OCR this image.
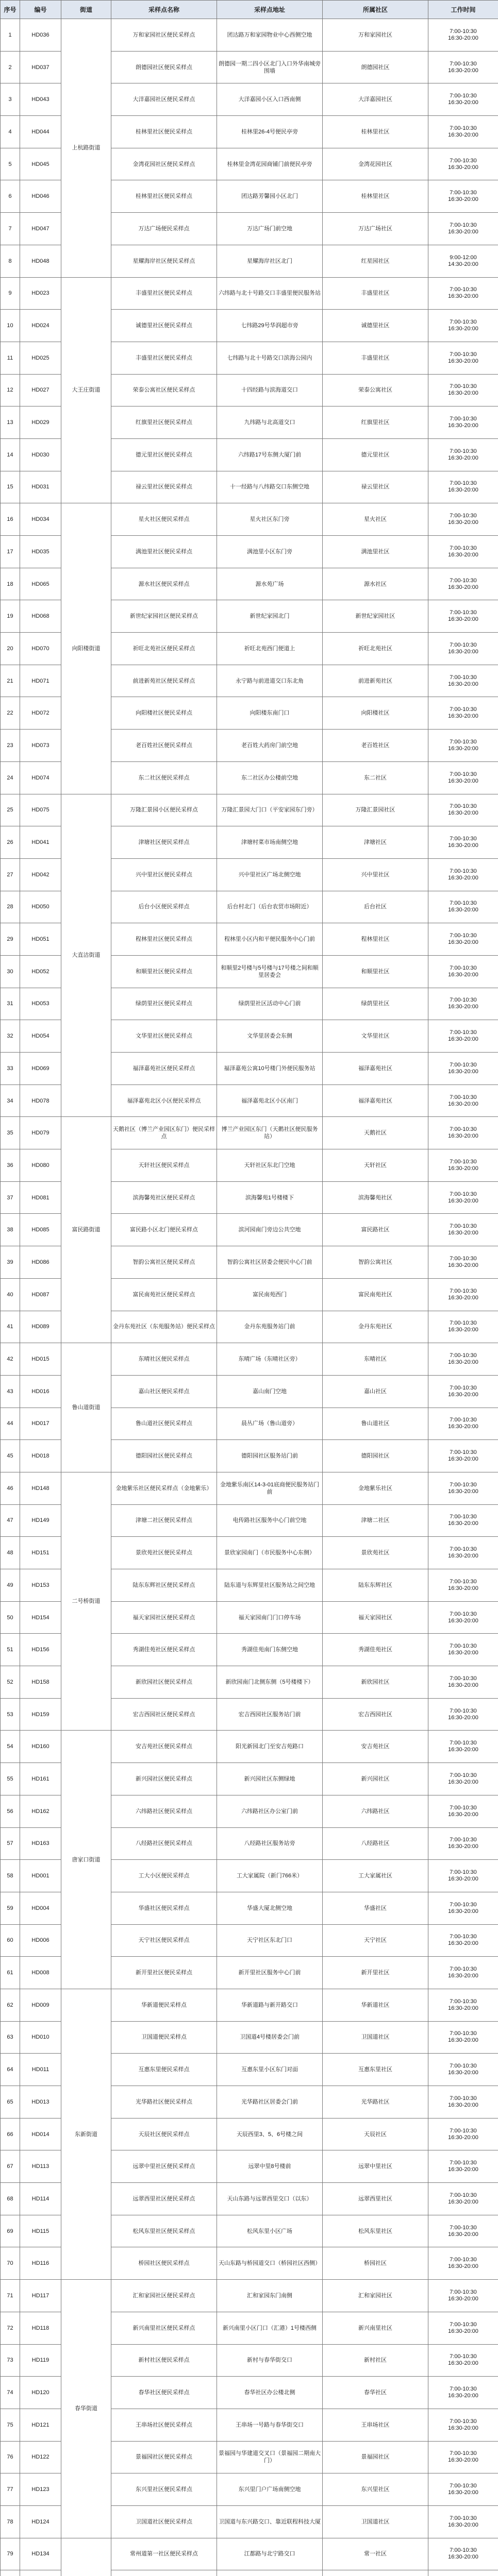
序号	编号	街道	采样点名称	采样点地址	所属社区	工作时间
1	HD036	上杭路街道	万和家园社区便民采样点	团达路万和家园物业中心西侧空地	万和家园社区	7:00-10:30
16:30-20:00
2	HD037		朗德园社区便民采样点	朗德园一期二四小区北门入口外华南城旁围墙	朗德园社区	7:00-10:30
16:30-20:00
3	HD043		大洋嘉园社区便民采样点	大洋嘉园小区入口西南侧	大洋嘉园社区	7:00-10:30
16:30-20:00
4	HD044		桂林里社区便民采样点	桂林里26-4号便民亭旁	桂林里社区	7:00-10:30
16:30-20:00
5	HD045		金湾花园社区便民采样点	桂林里金湾花园商铺门前便民亭旁	金湾花园社区	7:00-10:30
16:30-20:00
6	HD046		桂林里社区便民采样点	团达路芳馨园小区北门	桂林里社区	7:00-10:30
16:30-20:00
7	HD047		万达广场便民采样点	万达广场门前空地	万达广场社区	7:00-10:30
16:30-20:00
8	HD048		星耀海岸社区便民采样点	星耀海岸社区北门	红星园社区	9:00-12:00
14:30-20:00
9	HD023	大王庄街道	丰盛里社区便民采样点	六纬路与北十号路交口丰盛里便民服务站	丰盛里社区	7:00-10:30
16:30-20:00
10	HD024		诚德里社区便民采样点	七纬路29号华润超市旁	诚德里社区	7:00-10:30
16:30-20:00
11	HD025		丰盛里社区便民采样点	七纬路与北十号路交口滨海公园内	丰盛里社区	7:00-10:30
16:30-20:00
12	HD027		荣泰公寓社区便民采样点	十四经路与滨海道交口	荣泰公寓社区	7:00-10:30
16:30-20:00
13	HD029		红旗里社区便民采样点	九纬路与北高道交口	红旗里社区	7:00-10:30
16:30-20:00
14	HD030		德元里社区便民采样点	六纬路17号东侧大厦门前	德元里社区	7:00-10:30
16:30-20:00
15	HD031		禄云里社区便民采样点	十一经路与八纬路交口东侧空地	禄云里社区	7:00-10:30
16:30-20:00
16	HD034	向阳楼街道	星火社区便民采样点	星火社区东门旁	星火社区	7:00-10:30
16:30-20:00
17	HD035		满池里社区便民采样点	满池里小区东门旁	满池里社区	7:00-10:30
16:30-20:00
18	HD065		源水社区便民采样点	源水苑广场	源水社区	7:00-10:30
16:30-20:00
19	HD068		新世纪家园社区便民采样点	新世纪家园北门	新世纪家园社区	7:00-10:30
16:30-20:00
20	HD070		祈旺北苑社区便民采样点	祈旺北苑西门便道上	祈旺北苑社区	7:00-10:30
16:30-20:00
21	HD071		前进新苑社区便民采样点	永宁路与前进道交口东北角	前进新苑社区	7:00-10:30
16:30-20:00
22	HD072		向阳楼社区便民采样点	向阳楼东南门口	向阳楼社区	7:00-10:30
16:30-20:00
23	HD073		老百姓社区便民采样点	老百姓大药房门前空地	老百姓社区	7:00-10:30
16:30-20:00
24	HD074		东二社区便民采样点	东二社区办公楼前空地	东二社区	7:00-10:30
16:30-20:00
25	HD075	大直沽街道	万隆汇景园小区便民采样点	万隆汇景园大门口（平安家园东门旁）	万隆汇景园社区	7:00-10:30
16:30-20:00
26	HD041		津塘社区便民采样点	津塘村菜市场南侧空地	津塘社区	7:00-10:30
16:30-20:00
27	HD042		兴中里社区便民采样点	兴中里社区广场北侧空地	兴中里社区	7:00-10:30
16:30-20:00
28	HD050		后台小区便民采样点	后台村北门（后台农贸市场附近）	后台社区	7:00-10:30
16:30-20:00
29	HD051		程林里社区便民采样点	程林里小区内和平便民服务中心门前	程林里社区	7:00-10:30
16:30-20:00
30	HD052		和顺里社区便民采样点	和顺里2号楼与5号楼与17号楼之间和顺里居委会	和顺里社区	7:00-10:30
16:30-20:00
31	HD053		绿荫里社区便民采样点	绿荫里社区活动中心门前	绿荫里社区	7:00-10:30
16:30-20:00
32	HD054		文华里社区便民采样点	文华里居委会东侧	文华里社区	7:00-10:30
16:30-20:00
33	HD069		福泽嘉苑社区便民采样点	福泽嘉苑公寓10号楼门外便民服务站	福泽嘉苑社区	7:00-10:30
16:30-20:00
34	HD078		福泽嘉苑北区小区便民采样点	福泽嘉苑北区小区南门	福泽嘉苑社区	7:00-10:30
16:30-20:00
35	HD079	富民路街道	天鹅社区（博兰产业园区东门）便民采样点	博兰产业园区东门（天鹅社区便民服务站）	天鹅社区	7:00-10:30
16:30-20:00
36	HD080		天轩社区便民采样点	天轩社区东北门空地	天轩社区	7:00-10:30
16:30-20:00
37	HD081		滨海馨苑社区便民采样点	滨海馨苑1号楼楼下	滨海馨苑社区	7:00-10:30
16:30-20:00
38	HD085		富民路小区北门便民采样点	滨河园南门旁边公共空地	富民路社区	7:00-10:30
16:30-20:00
39	HD086		智韵公寓社区便民采样点	智韵公寓社区居委会便民中心门前	智韵公寓社区	7:00-10:30
16:30-20:00
40	HD087		富民南苑社区便民采样点	富民南苑西门	富民南苑社区	7:00-10:30
16:30-20:00
41	HD089		金丹东苑社区（东苑服务站）便民采样点	金丹东苑服务站门前	金丹东苑社区	7:00-10:30
16:30-20:00
42	HD015	鲁山道街道	东晴社区便民采样点	东晴广场（东晴社区旁）	东晴社区	7:00-10:30
16:30-20:00
43	HD016		嘉山社区便民采样点	嘉山南门空地	嘉山社区	7:00-10:30
16:30-20:00
44	HD017		鲁山道社区便民采样点	晨丛广场（鲁山道旁）	鲁山道社区	7:00-10:30
16:30-20:00
45	HD018		德阳园社区便民采样点	德阳园社区服务站门前	德阳园社区	7:00-10:30
16:30-20:00
46	HD148	二号桥街道	金地紫乐社区便民采样点（金地紫乐）	金地紫乐南区14-3-01底商便民服务站门前	金地紫乐社区	7:00-10:30
16:30-20:00
47	HD149		津塘二社区便民采样点	电传路社区服务中心门前空地	津塘二社区	7:00-10:30
16:30-20:00
48	HD151		景欣苑社区便民采样点	景欣家园南门（市民服务中心东侧）	景欣苑社区	7:00-10:30
16:30-20:00
49	HD153		陆东东辉社区便民采样点	陆东道与东辉里社区服务站之间空地	陆东东辉社区	7:00-10:30
16:30-20:00
50	HD154		福天家园社区便民采样点	福天家园南门门口停车场	福天家园社区	7:00-10:30
16:30-20:00
51	HD156		秀湖佳苑社区便民采样点	秀湖佳苑南门东侧空地	秀湖佳苑社区	7:00-10:30
16:30-20:00
52	HD158		新欣园社区便民采样点	新欣园南门北侧东侧（5号楼楼下）	新欣园社区	7:00-10:30
16:30-20:00
53	HD159		宏吉西园社区便民采样点	宏吉西园社区服务站门前	宏吉西园社区	7:00-10:30
16:30-20:00
54	HD160	唐家口街道	安吉苑社区便民采样点	阳光新园北门至安吉苑路口	安吉苑社区	7:00-10:30
16:30-20:00
55	HD161		新兴园社区便民采样点	新兴园社区东侧绿地	新兴园社区	7:00-10:30
16:30-20:00
56	HD162		六纬路社区便民采样点	六纬路社区办公室门前	六纬路社区	7:00-10:30
16:30-20:00
57	HD163		八经路社区便民采样点	八经路社区服务站旁	八经路社区	7:00-10:30
16:30-20:00
58	HD001		工大小区便民采样点	工大家属院（新门766米）	工大家属社区	7:00-10:30
16:30-20:00
59	HD004		华盛社区便民采样点	华盛大厦北侧空地	华盛社区	7:00-10:30
16:30-20:00
60	HD006		天宁社区便民采样点	天宁社区东北门口	天宁社区	7:00-10:30
16:30-20:00
61	HD008		新开里社区便民采样点	新开里社区服务中心门前	新开里社区	7:00-10:30
16:30-20:00
62	HD009	东新街道	华新道便民采样点	华新道路与新开路交口	华新道社区	7:00-10:30
16:30-20:00
63	HD010		卫国道便民采样点	卫国道4号楼居委会门前	卫国道社区	7:00-10:30
16:30-20:00
64	HD011		互惠东里便民采样点	互惠东里小区东门对面	互惠东里社区	7:00-10:30
16:30-20:00
65	HD013		光华路社区便民采样点	光华路社区居委会门前	光华路社区	7:00-10:30
16:30-20:00
66	HD014		天辰社区便民采样点	天辰西里3、5、6号楼之间	天辰社区	7:00-10:30
16:30-20:00
67	HD113		远翠中里社区便民采样点	远翠中里8号楼前	远翠中里社区	7:00-10:30
16:30-20:00
68	HD114		远翠西里社区便民采样点	天山东路与远翠西里交口（以东）	远翠西里社区	7:00-10:30
16:30-20:00
69	HD115		松风东里社区便民采样点	松风东里小区广场	松风东里社区	7:00-10:30
16:30-20:00
70	HD116		桥园社区便民采样点	天山东路与桥园道交口（桥园社区西侧）	桥园社区	7:00-10:30
16:30-20:00
71	HD117	春华街道	汇和家园社区便民采样点	汇和家园东门南侧	汇和家园社区	7:00-10:30
16:30-20:00
72	HD118		新兴南里社区便民采样点	新兴南里小区门口（汇港）1号楼西侧	新兴南里社区	7:00-10:30
16:30-20:00
73	HD119		新村社区便民采样点	新村与春华街交口	新村社区	7:00-10:30
16:30-20:00
74	HD120		春华社区便民采样点	春华社区办公楼北侧	春华社区	7:00-10:30
16:30-20:00
75	HD121		王串场社区便民采样点	王串场一号路与春华街交口	王串场社区	7:00-10:30
16:30-20:00
76	HD122		景福园社区便民采样点	景福园与华建道交叉口（景福园二期南大门）	景福园社区	7:00-10:30
16:30-20:00
77	HD123		东兴里社区便民采样点	东兴里门户广场南侧空地	东兴里社区	7:00-10:30
16:30-20:00
78	HD124		卫国道社区便民采样点	卫国道与东兴路交口、靠近联程科技大厦	卫国道社区	7:00-10:30
16:30-20:00
79	HD134		常州道第一社区便民采样点	江都路与北宁路交口	常一社区	7:00-10:30
16:30-20:00
